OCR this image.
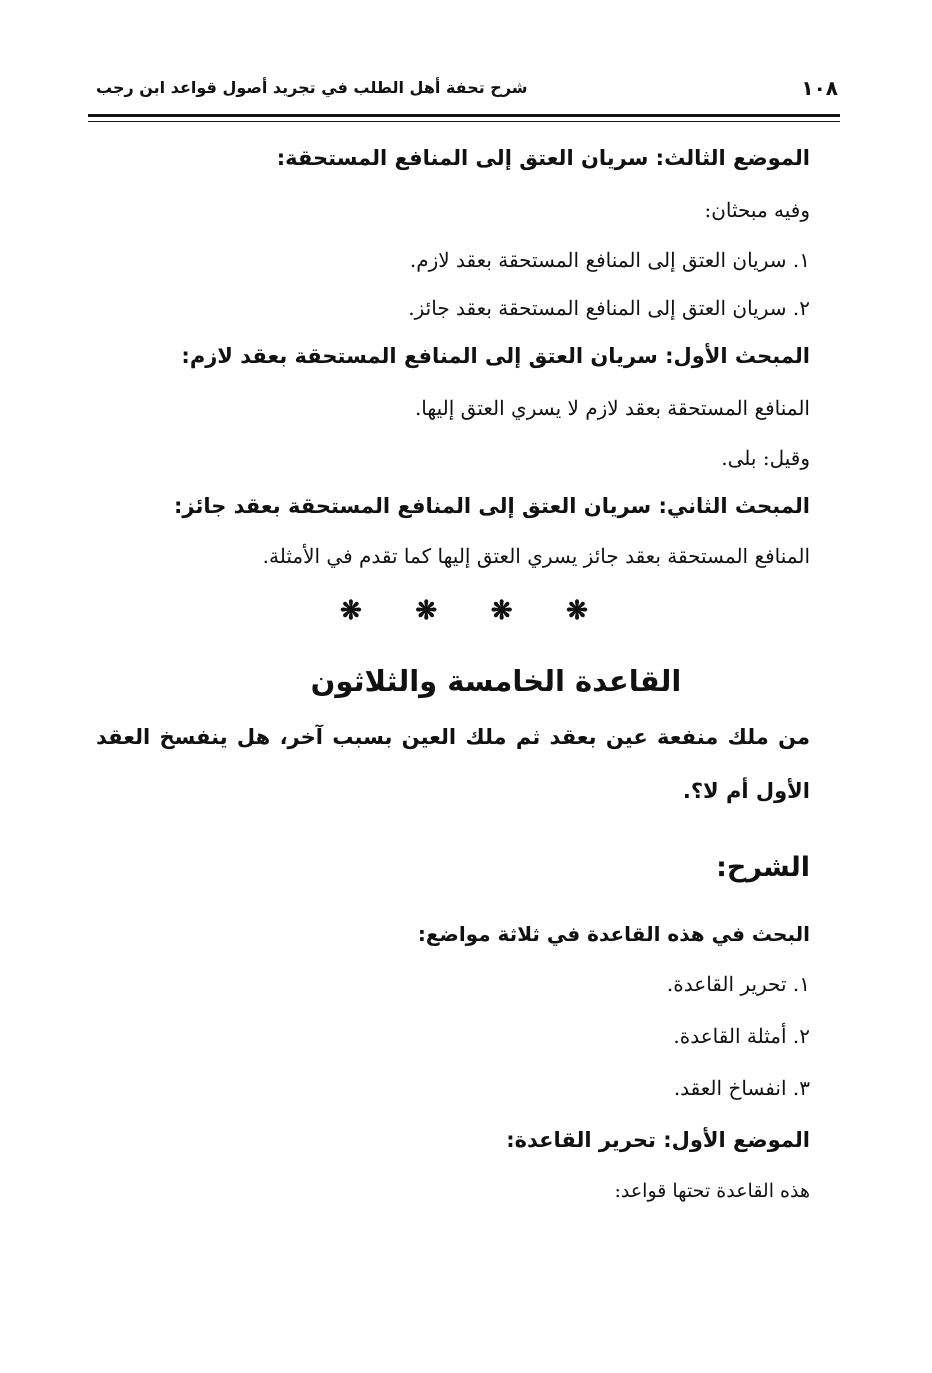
١٠٨
شرح تحفة أهل الطلب في تجريد أصول قواعد ابن رجب
الموضع الثالث: سريان العتق إلى المنافع المستحقة:
وفيه مبحثان:
١. سريان العتق إلى المنافع المستحقة بعقد لازم.
٢. سريان العتق إلى المنافع المستحقة بعقد جائز.
المبحث الأول: سريان العتق إلى المنافع المستحقة بعقد لازم:
المنافع المستحقة بعقد لازم لا يسري العتق إليها.
وقيل: بلى.
المبحث الثاني: سريان العتق إلى المنافع المستحقة بعقد جائز:
المنافع المستحقة بعقد جائز يسري العتق إليها كما تقدم في الأمثلة.
❋ ❋ ❋ ❋
القاعدة الخامسة والثلاثون
من ملك منفعة عين بعقد ثم ملك العين بسبب آخر، هل ينفسخ العقد الأول أم لا؟.
الشرح:
البحث في هذه القاعدة في ثلاثة مواضع:
١. تحرير القاعدة.
٢. أمثلة القاعدة.
٣. انفساخ العقد.
الموضع الأول: تحرير القاعدة:
هذه القاعدة تحتها قواعد:
